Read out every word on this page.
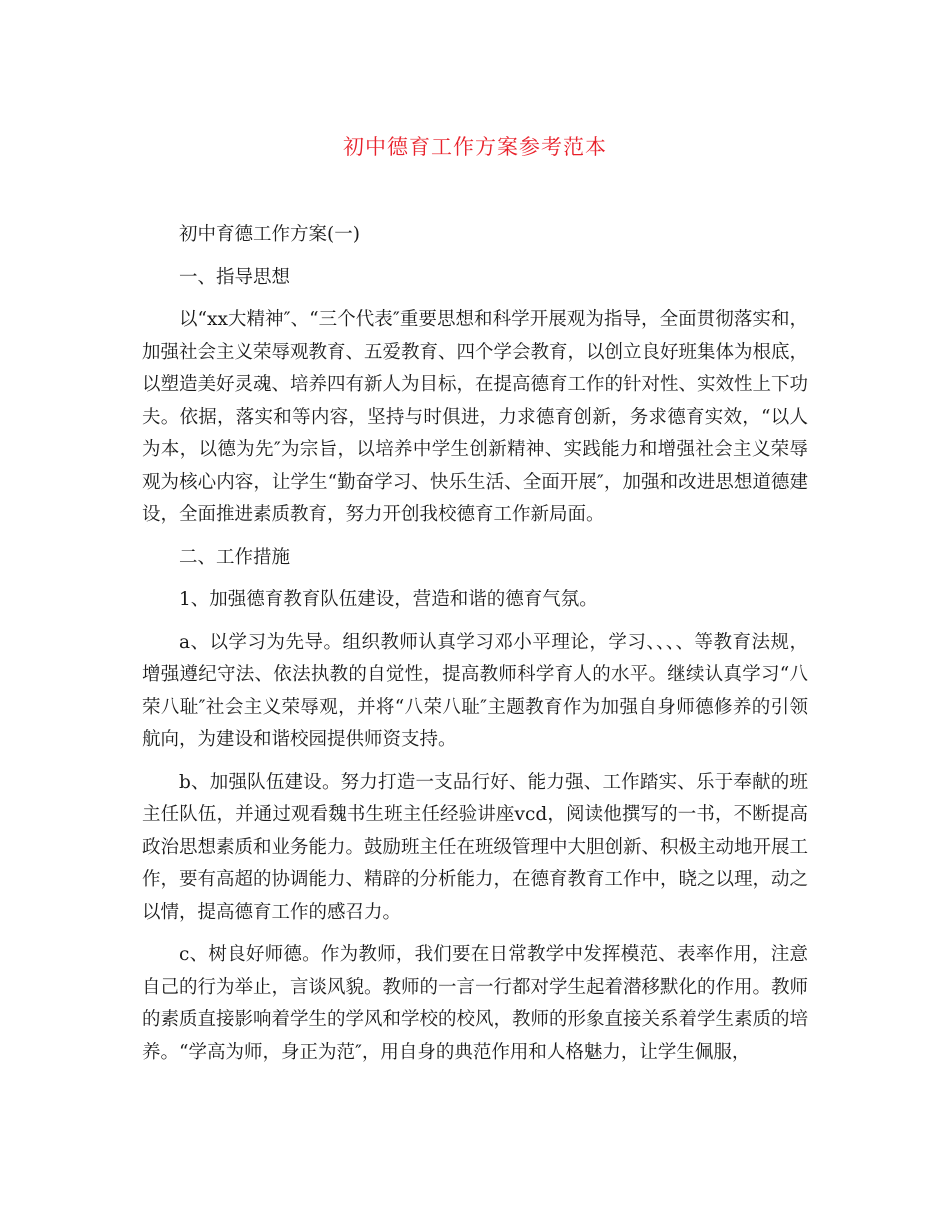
初中德育工作方案参考范本

初中育德工作方案(一)

一、指导思想

以“xx大精神″、“三个代表″重要思想和科学开展观为指导，全面贯彻落实和，加强社会主义荣辱观教育、五爱教育、四个学会教育，以创立良好班集体为根底，以塑造美好灵魂、培养四有新人为目标，在提高德育工作的针对性、实效性上下功夫。依据，落实和等内容，坚持与时俱进，力求德育创新，务求德育实效，“以人为本，以德为先″为宗旨，以培养中学生创新精神、实践能力和增强社会主义荣辱观为核心内容，让学生“勤奋学习、快乐生活、全面开展″，加强和改进思想道德建设，全面推进素质教育，努力开创我校德育工作新局面。

二、工作措施

1、加强德育教育队伍建设，营造和谐的德育气氛。

a、以学习为先导。组织教师认真学习邓小平理论，学习、、、、等教育法规，增强遵纪守法、依法执教的自觉性，提高教师科学育人的水平。继续认真学习“八荣八耻″社会主义荣辱观，并将“八荣八耻″主题教育作为加强自身师德修养的引领航向，为建设和谐校园提供师资支持。

b、加强队伍建设。努力打造一支品行好、能力强、工作踏实、乐于奉献的班主任队伍，并通过观看魏书生班主任经验讲座vcd，阅读他撰写的一书，不断提高政治思想素质和业务能力。鼓励班主任在班级管理中大胆创新、积极主动地开展工作，要有高超的协调能力、精辟的分析能力，在德育教育工作中，晓之以理，动之以情，提高德育工作的感召力。

c、树良好师德。作为教师，我们要在日常教学中发挥模范、表率作用，注意自己的行为举止，言谈风貌。教师的一言一行都对学生起着潜移默化的作用。教师的素质直接影响着学生的学风和学校的校风，教师的形象直接关系着学生素质的培养。“学高为师，身正为范″，用自身的典范作用和人格魅力，让学生佩服，
